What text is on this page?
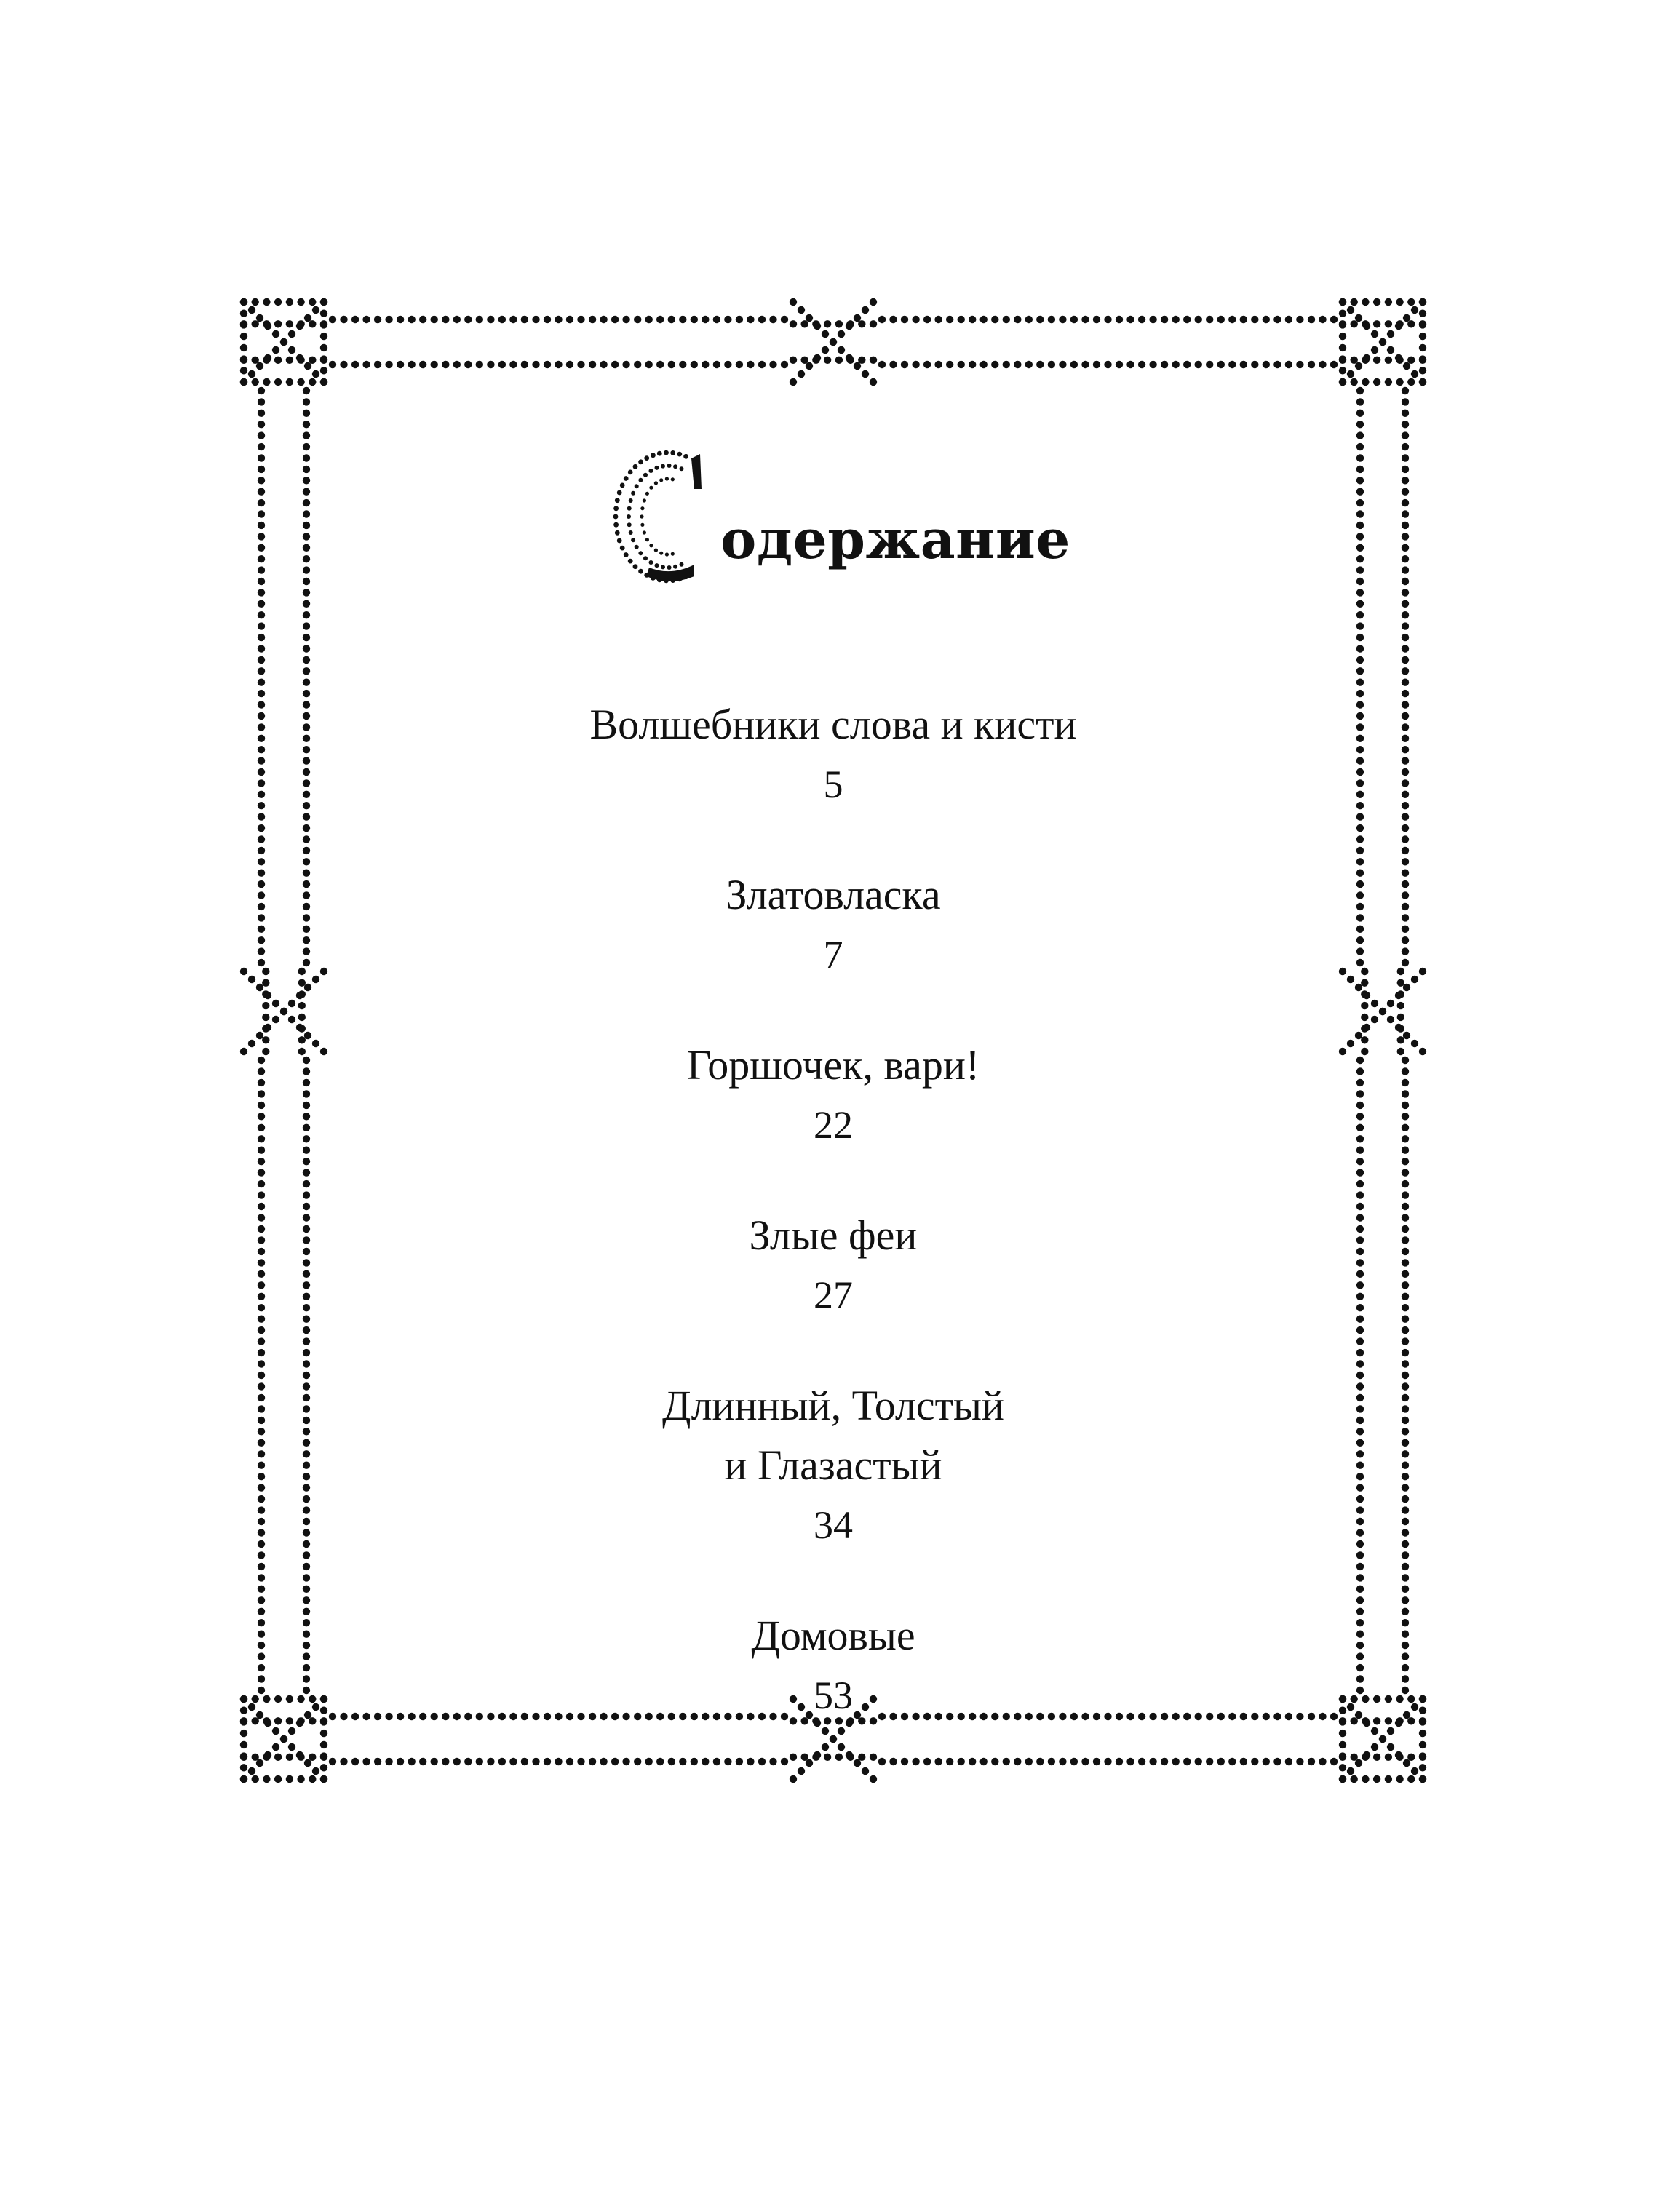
одержание
Волшебники слова и кисти
5
Златовласка
7
Горшочек, вари!
22
Злые феи
27
Длинный, Толстый
и Глазастый
34
Домовые
53
